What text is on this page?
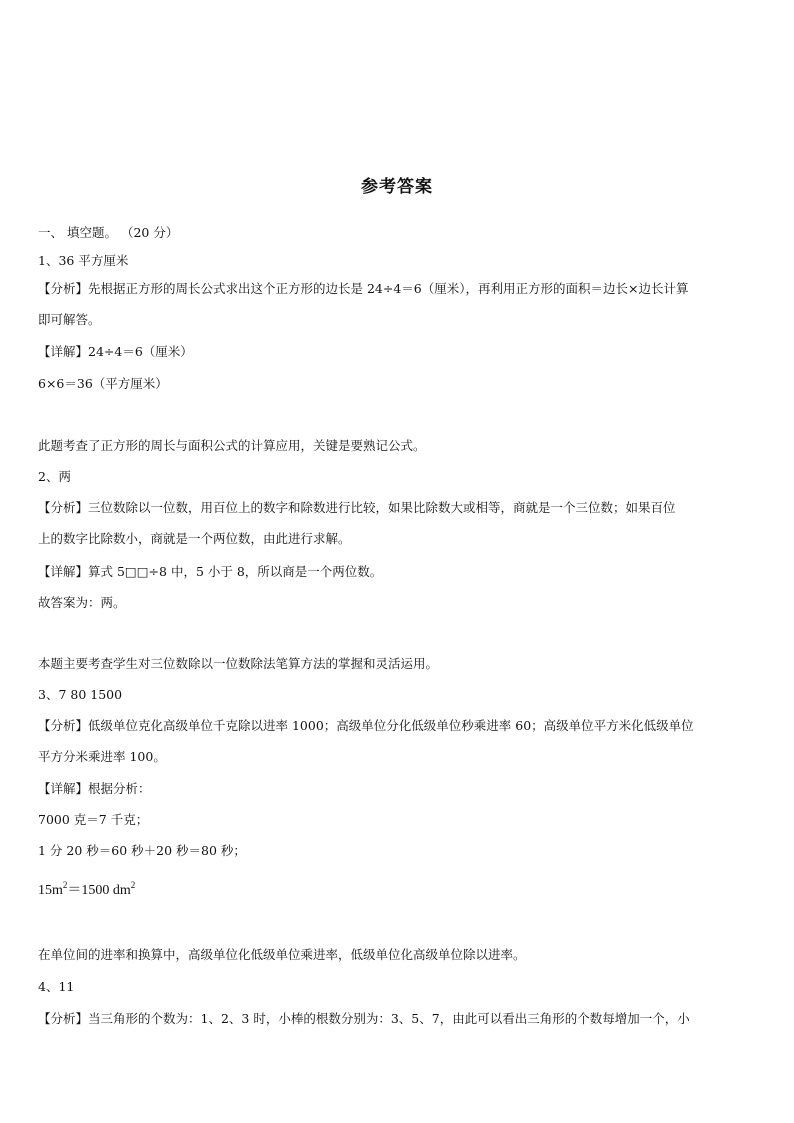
参考答案
一、 填空题。 （20 分）
1、36 平方厘米
【分析】先根据正方形的周长公式求出这个正方形的边长是 24÷4＝6（厘米），再利用正方形的面积＝边长×边长计算
即可解答。
【详解】24÷4＝6（厘米）
6×6＝36（平方厘米）
此题考查了正方形的周长与面积公式的计算应用，关键是要熟记公式。
2、两
【分析】三位数除以一位数，用百位上的数字和除数进行比较，如果比除数大或相等，商就是一个三位数；如果百位
上的数字比除数小，商就是一个两位数，由此进行求解。
【详解】算式 5□□÷8 中，5 小于 8，所以商是一个两位数。
故答案为：两。
本题主要考查学生对三位数除以一位数除法笔算方法的掌握和灵活运用。
3、7 80 1500
【分析】低级单位克化高级单位千克除以进率 1000；高级单位分化低级单位秒乘进率 60；高级单位平方米化低级单位
平方分米乘进率 100。
【详解】根据分析：
7000 克＝7 千克；
1 分 20 秒＝60 秒＋20 秒＝80 秒；
$15m^2=1500$ $dm^2$
在单位间的进率和换算中，高级单位化低级单位乘进率，低级单位化高级单位除以进率。
4、11
【分析】当三角形的个数为：1、2、3 时，小棒的根数分别为：3、5、7，由此可以看出三角形的个数每增加一个，小
